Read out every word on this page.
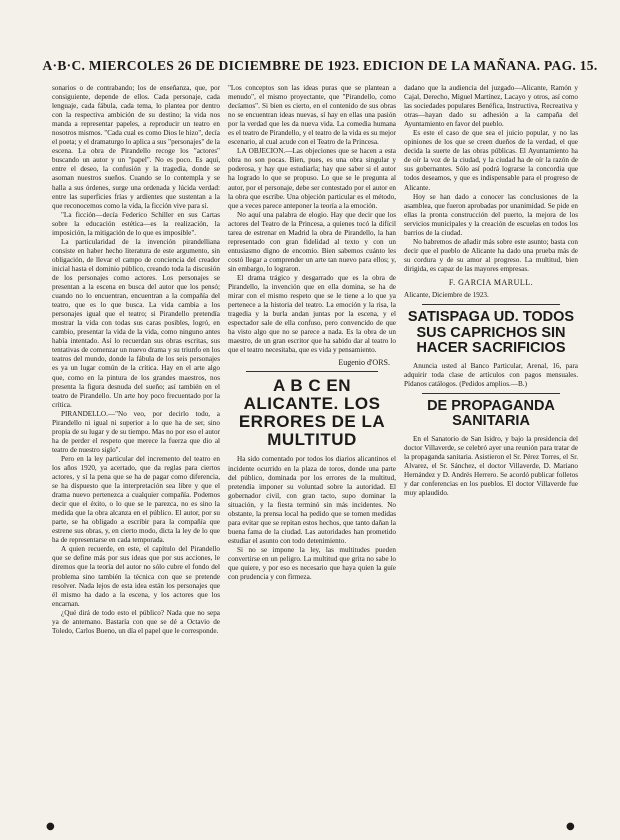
A·B·C. MIERCOLES 26 DE DICIEMBRE DE 1923. EDICION DE LA MAÑANA. PAG. 15.

sonarios o de contrabando; los de enseñanza, que, por consiguiente, depende de ellos. Cada personaje, cada lenguaje, cada fábula, cada tema, lo plantea por dentro con la respectiva ambición de su destino; la vida nos manda a representar papeles, a reproducir un teatro en nosotros mismos. "Cada cual es como Dios le hizo", decía el poeta; y el dramaturgo lo aplica a sus "personajes" de la escena. La obra de Pirandello recoge los "actores" buscando un autor y un "papel". No es poco. Es aquí, entre el deseo, la confusión y la tragedia, donde se asoman nuestros sueños. Cuando se lo contempla y se halla a sus órdenes, surge una ordenada y lúcida verdad: entre las superficies frías y ardientes que sustentan a la que reconocemos como la vida, la ficción vive para sí.

"La ficción—decía Federico Schiller en sus Cartas sobre la educación estética—es la realización, la imposición, la mitigación de lo que es imposible".

La particularidad de la invención pirandelliana consiste en haber hecho literatura de este argumento, sin obligación, de llevar el campo de conciencia del creador inicial hasta el dominio público, creando toda la discusión de los personajes como actores. Los personajes se presentan a la escena en busca del autor que los pensó; cuando no lo encuentran, encuentran a la compañía del teatro, que es lo que busca. La vida cambia a los personajes igual que el teatro; si Pirandello pretendía mostrar la vida con todas sus caras posibles, logró, en cambio, presentar la vida de la vida, como ninguno antes había intentado. Así lo recuerdan sus obras escritas, sus tentativas de comenzar un nuevo drama y su triunfo en los teatros del mundo, donde la fábula de los seis personajes es ya un lugar común de la crítica. Hay en el arte algo que, como en la pintura de los grandes maestros, nos presenta la figura desnuda del sueño; así también en el teatro de Pirandello. Un arte hoy poco frecuentado por la crítica.

PIRANDELLO.—"No veo, por decirlo todo, a Pirandello ni igual ni superior a lo que ha de ser, sino propia de su lugar y de su tiempo. Mas no por eso el autor ha de perder el respeto que merece la fuerza que dio al teatro de nuestro siglo".

Pero en la ley particular del incremento del teatro en los años 1920, ya acertado, que da reglas para ciertos actores, y sí la pena que se ha de pagar como diferencia, se ha dispuesto que la interpretación sea libre y que el drama nuevo pertenezca a cualquier compañía. Podemos decir que el éxito, o lo que se le parezca, no es sino la medida que la obra alcanza en el público. El autor, por su parte, se ha obligado a escribir para la compañía que estrene sus obras, y, en cierto modo, dicta la ley de lo que ha de representarse en cada temporada.

A quien recuerde, en este, el capítulo del Pirandello que se define más por sus ideas que por sus acciones, le diremos que la teoría del autor no sólo cubre el fondo del problema sino también la técnica con que se pretende resolver. Nada lejos de esta idea están los personajes que él mismo ha dado a la escena, y los actores que los encarnan.

¿Qué dirá de todo esto el público? Nada que no sepa ya de antemano. Bastaría con que se dé a Octavio de Toledo, Carlos Bueno, un día el papel que le corresponde.

"Los conceptos son las ideas puras que se plantean a menudo", el mismo proyectante, que "Pirandello, como decíamos". Si bien es cierto, en el contenido de sus obras no se encuentran ideas nuevas, sí hay en ellas una pasión por la verdad que les da nueva vida. La comedia humana es el teatro de Pirandello, y el teatro de la vida es su mejor escenario, al cual acude con el Teatro de la Princesa.

LA OBJECION.—Las objeciones que se hacen a esta obra no son pocas. Bien, pues, es una obra singular y poderosa, y hay que estudiarla; hay que saber si el autor ha logrado lo que se propuso. Lo que se le pregunta al autor, por el personaje, debe ser contestado por el autor en la obra que escribe. Una objeción particular es el método, que a veces parece anteponer la teoría a la emoción.

No aquí una palabra de elogio. Hay que decir que los actores del Teatro de la Princesa, a quienes tocó la difícil tarea de estrenar en Madrid la obra de Pirandello, la han representado con gran fidelidad al texto y con un entusiasmo digno de encomio. Bien sabemos cuánto les costó llegar a comprender un arte tan nuevo para ellos; y, sin embargo, lo lograron.

El drama trágico y desgarrado que es la obra de Pirandello, la invención que en ella domina, se ha de mirar con el mismo respeto que se le tiene a lo que ya pertenece a la historia del teatro. La emoción y la risa, la tragedia y la burla andan juntas por la escena, y el espectador sale de ella confuso, pero convencido de que ha visto algo que no se parece a nada. Es la obra de un maestro, de un gran escritor que ha sabido dar al teatro lo que el teatro necesitaba, que es vida y pensamiento.

Eugenio d'ORS.
A B C EN ALICANTE. LOS ERRORES DE LA MULTITUD

Ha sido comentado por todos los diarios alicantinos el incidente ocurrido en la plaza de toros, donde una parte del público, dominada por los errores de la multitud, pretendía imponer su voluntad sobre la autoridad. El gobernador civil, con gran tacto, supo dominar la situación, y la fiesta terminó sin más incidentes. No obstante, la prensa local ha pedido que se tomen medidas para evitar que se repitan estos hechos, que tanto dañan la buena fama de la ciudad. Las autoridades han prometido estudiar el asunto con todo detenimiento.

Si no se impone la ley, las multitudes pueden convertirse en un peligro. La multitud que grita no sabe lo que quiere, y por eso es necesario que haya quien la guíe con prudencia y con firmeza.

dadano que la audiencia del juzgado—Alicante, Ramón y Cajal, Derecho, Miguel Martínez, Lacayo y otros, así como las sociedades populares Benéfica, Instructiva, Recreativa y otras—hayan dado su adhesión a la campaña del Ayuntamiento en favor del pueblo.

Es este el caso de que sea el juicio popular, y no las opiniones de los que se creen dueños de la verdad, el que decida la suerte de las obras públicas. El Ayuntamiento ha de oír la voz de la ciudad, y la ciudad ha de oír la razón de sus gobernantes. Sólo así podrá lograrse la concordia que todos deseamos, y que es indispensable para el progreso de Alicante.

Hoy se han dado a conocer las conclusiones de la asamblea, que fueron aprobadas por unanimidad. Se pide en ellas la pronta construcción del puerto, la mejora de los servicios municipales y la creación de escuelas en todos los barrios de la ciudad.

No habremos de añadir más sobre este asunto; basta con decir que el pueblo de Alicante ha dado una prueba más de su cordura y de su amor al progreso. La multitud, bien dirigida, es capaz de las mayores empresas.

F. GARCIA MARULL.

Alicante, Diciembre de 1923.

SATISPAGA UD. TODOS SUS CAPRICHOS SIN HACER SACRIFICIOS

Anuncia usted al Banco Particular, Arenal, 16, para adquirir toda clase de artículos con pagos mensuales. Pídanos catálogos. (Pedidos amplios.—B.)

DE PROPAGANDA SANITARIA

En el Sanatorio de San Isidro, y bajo la presidencia del doctor Villaverde, se celebró ayer una reunión para tratar de la propaganda sanitaria. Asistieron el Sr. Pérez Torres, el Sr. Alvarez, el Sr. Sánchez, el doctor Villaverde, D. Mariano Hernández y D. Andrés Herrero. Se acordó publicar folletos y dar conferencias en los pueblos. El doctor Villaverde fue muy aplaudido.

●	●
